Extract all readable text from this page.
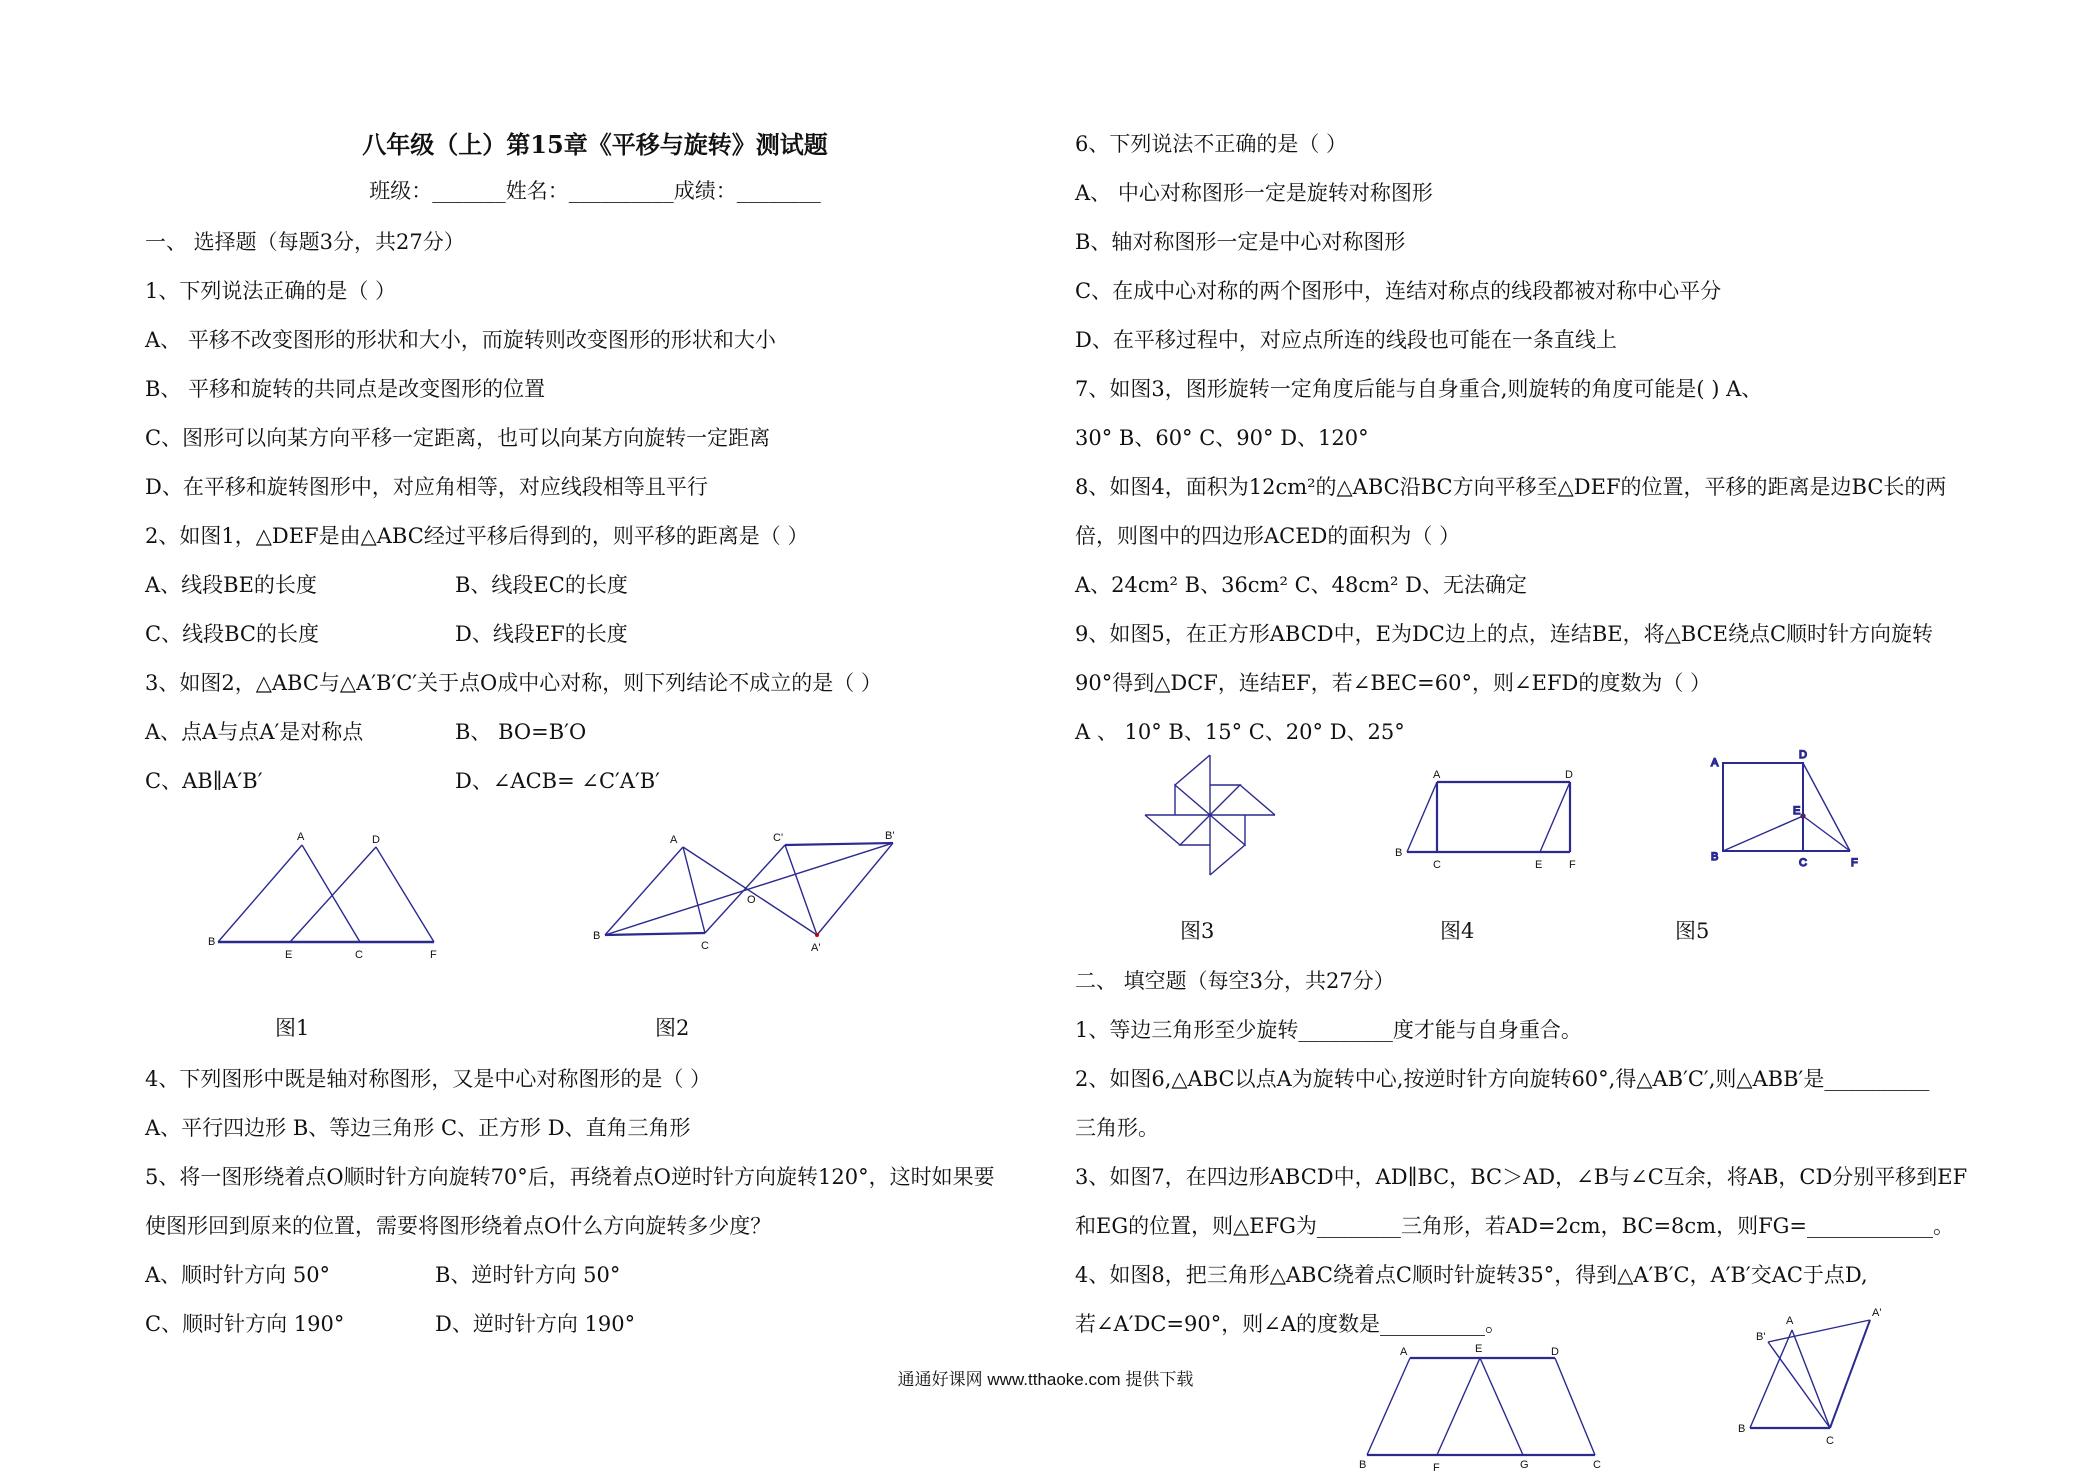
八年级（上）第15章《平移与旋转》测试题
班级：_______姓名：__________成绩：________
一、 选择题（每题3分，共27分）
1、下列说法正确的是（ ）
A、 平移不改变图形的形状和大小，而旋转则改变图形的形状和大小
B、 平移和旋转的共同点是改变图形的位置
C、图形可以向某方向平移一定距离，也可以向某方向旋转一定距离
D、在平移和旋转图形中，对应角相等，对应线段相等且平行
2、如图1，△DEF是由△ABC经过平移后得到的，则平移的距离是（ ）
A、线段BE的长度	B、线段EC的长度
C、线段BC的长度	D、线段EF的长度
3、如图2，△ABC与△A′B′C′关于点O成中心对称，则下列结论不成立的是（ ）
A、点A与点A′是对称点	B、 BO=B′O
C、AB∥A′B′	D、∠ACB= ∠C′A′B′
A	D
B
E	C	F
图1
A
B
C
C'	B'
O
A'
图2
4、下列图形中既是轴对称图形，又是中心对称图形的是（ ）
A、平行四边形 B、等边三角形 C、正方形 D、直角三角形
5、将一图形绕着点O顺时针方向旋转70°后，再绕着点O逆时针方向旋转120°，这时如果要
使图形回到原来的位置，需要将图形绕着点O什么方向旋转多少度？
A、顺时针方向 50°	B、逆时针方向 50°
C、顺时针方向 190°	D、逆时针方向 190°
6、下列说法不正确的是（ ）
A、 中心对称图形一定是旋转对称图形
B、轴对称图形一定是中心对称图形
C、在成中心对称的两个图形中，连结对称点的线段都被对称中心平分
D、在平移过程中，对应点所连的线段也可能在一条直线上
7、如图3，图形旋转一定角度后能与自身重合,则旋转的角度可能是( ) A、
30° B、60° C、90° D、120°
8、如图4，面积为12cm²的△ABC沿BC方向平移至△DEF的位置，平移的距离是边BC长的两
倍，则图中的四边形ACED的面积为（ ）
A、24cm² B、36cm² C、48cm² D、无法确定
9、如图5，在正方形ABCD中，E为DC边上的点，连结BE，将△BCE绕点C顺时针方向旋转
90°得到△DCF，连结EF，若∠BEC=60°，则∠EFD的度数为（ ）
A 、 10° B、15° C、20° D、25°
图3
A	D
B
C	E F
图4
A
D
B
E
C	F
图5
二、 填空题（每空3分，共27分）
1、等边三角形至少旋转_________度才能与自身重合。
2、如图6,△ABC以点A为旋转中心,按逆时针方向旋转60°,得△AB′C′,则△ABB′是__________
三角形。
3、如图7，在四边形ABCD中，AD∥BC，BC＞AD，∠B与∠C互余，将AB，CD分别平移到EF
和EG的位置，则△EFG为________三角形，若AD=2cm，BC=8cm，则FG=____________。
4、如图8，把三角形△ABC绕着点C顺时针旋转35°，得到△A′B′C，A′B′交AC于点D,
若∠A′DC=90°，则∠A的度数是__________。
A	E	D
B	F	G	C
A
A'
B'
B
C
通通好课网 www.tthaoke.com 提供下载
